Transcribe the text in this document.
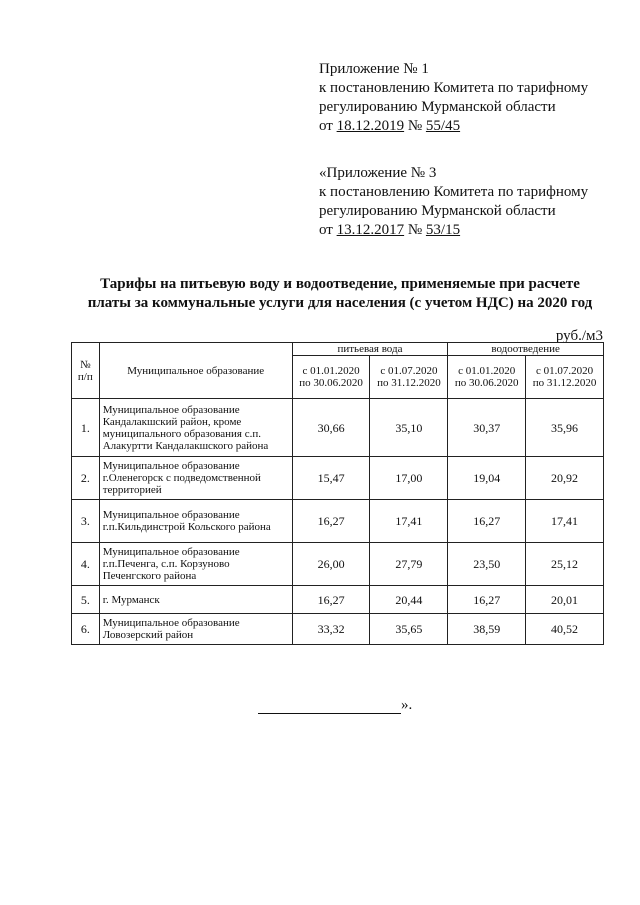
Приложение № 1
к постановлению Комитета по тарифному
регулированию Мурманской области
от 18.12.2019 № 55/45
«Приложение № 3
к постановлению Комитета по тарифному
регулированию Мурманской области
от 13.12.2017 № 53/15
Тарифы на питьевую воду и водоотведение, применяемые при расчете
платы за коммунальные услуги для населения (с учетом НДС) на 2020 год
руб./м3
№ п/п	Муниципальное образование	питьевая вода		водоотведение	
		с 01.01.2020 по 30.06.2020	с 01.07.2020 по 31.12.2020	с 01.01.2020 по 30.06.2020	с 01.07.2020 по 31.12.2020
1.	Муниципальное образование Кандалакшский район, кроме муниципального образования с.п. Алакуртти Кандалакшского района	30,66	35,10	30,37	35,96
2.	Муниципальное образование г.Оленегорск с подведомственной территорией	15,47	17,00	19,04	20,92
3.	Муниципальное образование г.п.Кильдинстрой Кольского района	16,27	17,41	16,27	17,41
4.	Муниципальное образование г.п.Печенга, с.п. Корзуново Печенгского района	26,00	27,79	23,50	25,12
5.	г. Мурманск	16,27	20,44	16,27	20,01
6.	Муниципальное образование Ловозерский район	33,32	35,65	38,59	40,52
».
